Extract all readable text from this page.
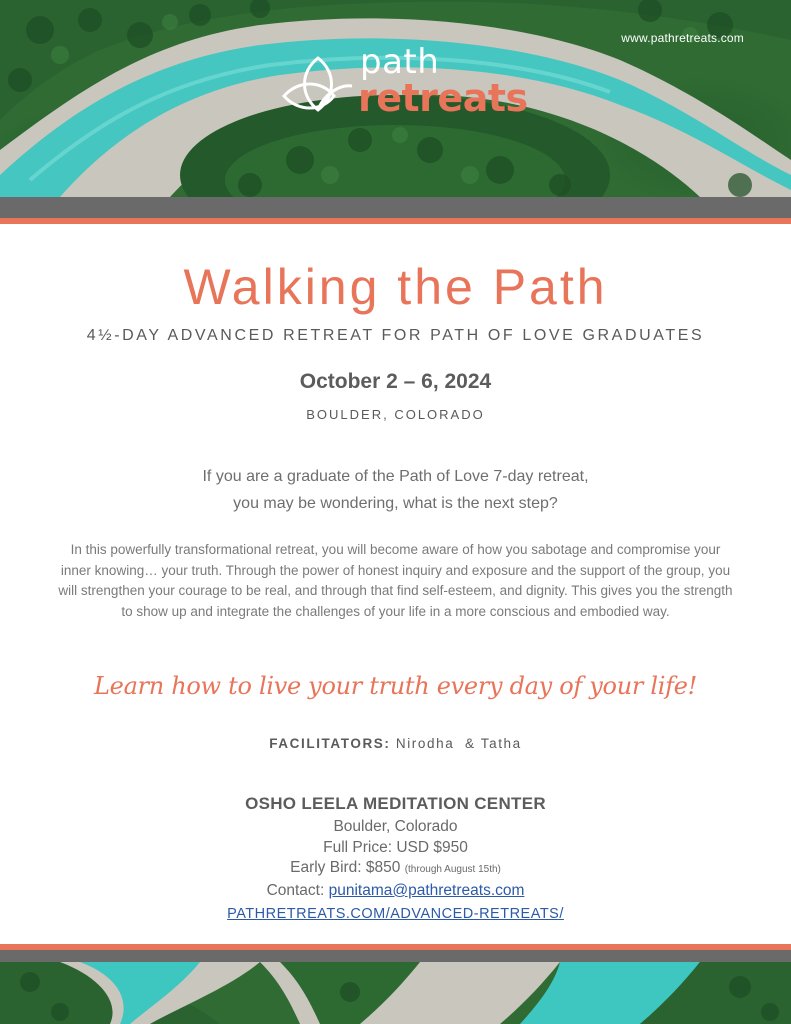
www.pathretreats.com
path
retreats
Walking the Path
4½-DAY ADVANCED RETREAT FOR PATH OF LOVE GRADUATES
October 2 – 6, 2024
BOULDER, COLORADO
If you are a graduate of the Path of Love 7-day retreat,
you may be wondering, what is the next step?
In this powerfully transformational retreat, you will become aware of how you sabotage and compromise your inner knowing… your truth. Through the power of honest inquiry and exposure and the support of the group, you will strengthen your courage to be real, and through that find self-esteem, and dignity. This gives you the strength to show up and integrate the challenges of your life in a more conscious and embodied way.
Learn how to live your truth every day of your life!
FACILITATORS: Nirodha  & Tatha
OSHO LEELA MEDITATION CENTER
Boulder, Colorado
Full Price: USD $950
Early Bird: $850 (through August 15th)
Contact: punitama@pathretreats.com
PATHRETREATS.COM/ADVANCED-RETREATS/
